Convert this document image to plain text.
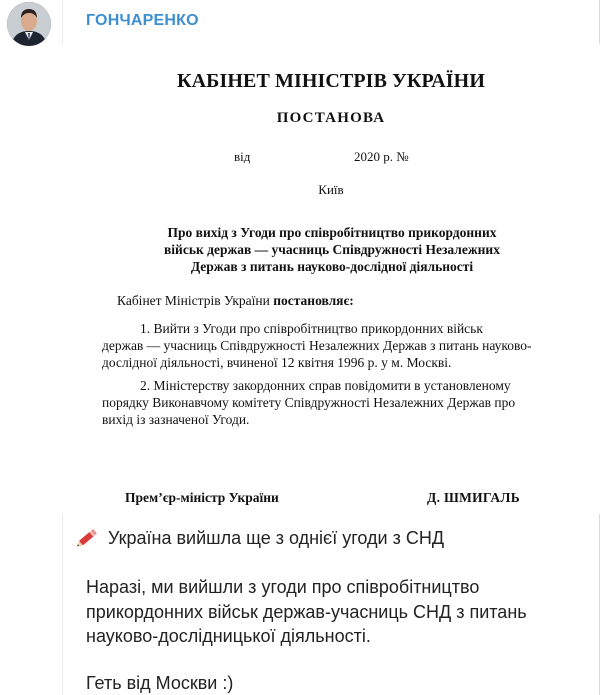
ГОНЧАРЕНКО
КАБІНЕТ МІНІСТРІВ УКРАЇНИ
ПОСТАНОВА
від	2020 р. №
Київ
Про вихід з Угоди про співробітництво прикордонних
військ держав — учасниць Співдружності Незалежних
Держав з питань науково-дослідної діяльності
Кабінет Міністрів України постановляє:
1. Вийти з Угоди про співробітництво прикордонних військ
держав — учасниць Співдружності Незалежних Держав з питань науково-
дослідної діяльності, вчиненої 12 квітня 1996 р. у м. Москві.
2. Міністерству закордонних справ повідомити в установленому
порядку Виконавчому комітету Співдружності Незалежних Держав про
вихід із зазначеної Угоди.
Прем’єр-міністр України	Д. ШМИГАЛЬ
Україна вийшла ще з однієї угоди з СНД
Наразі, ми вийшли з угоди про співробітництво
прикордонних військ держав-учасниць СНД з питань
науково-дослідницької діяльності.
Геть від Москви :)
